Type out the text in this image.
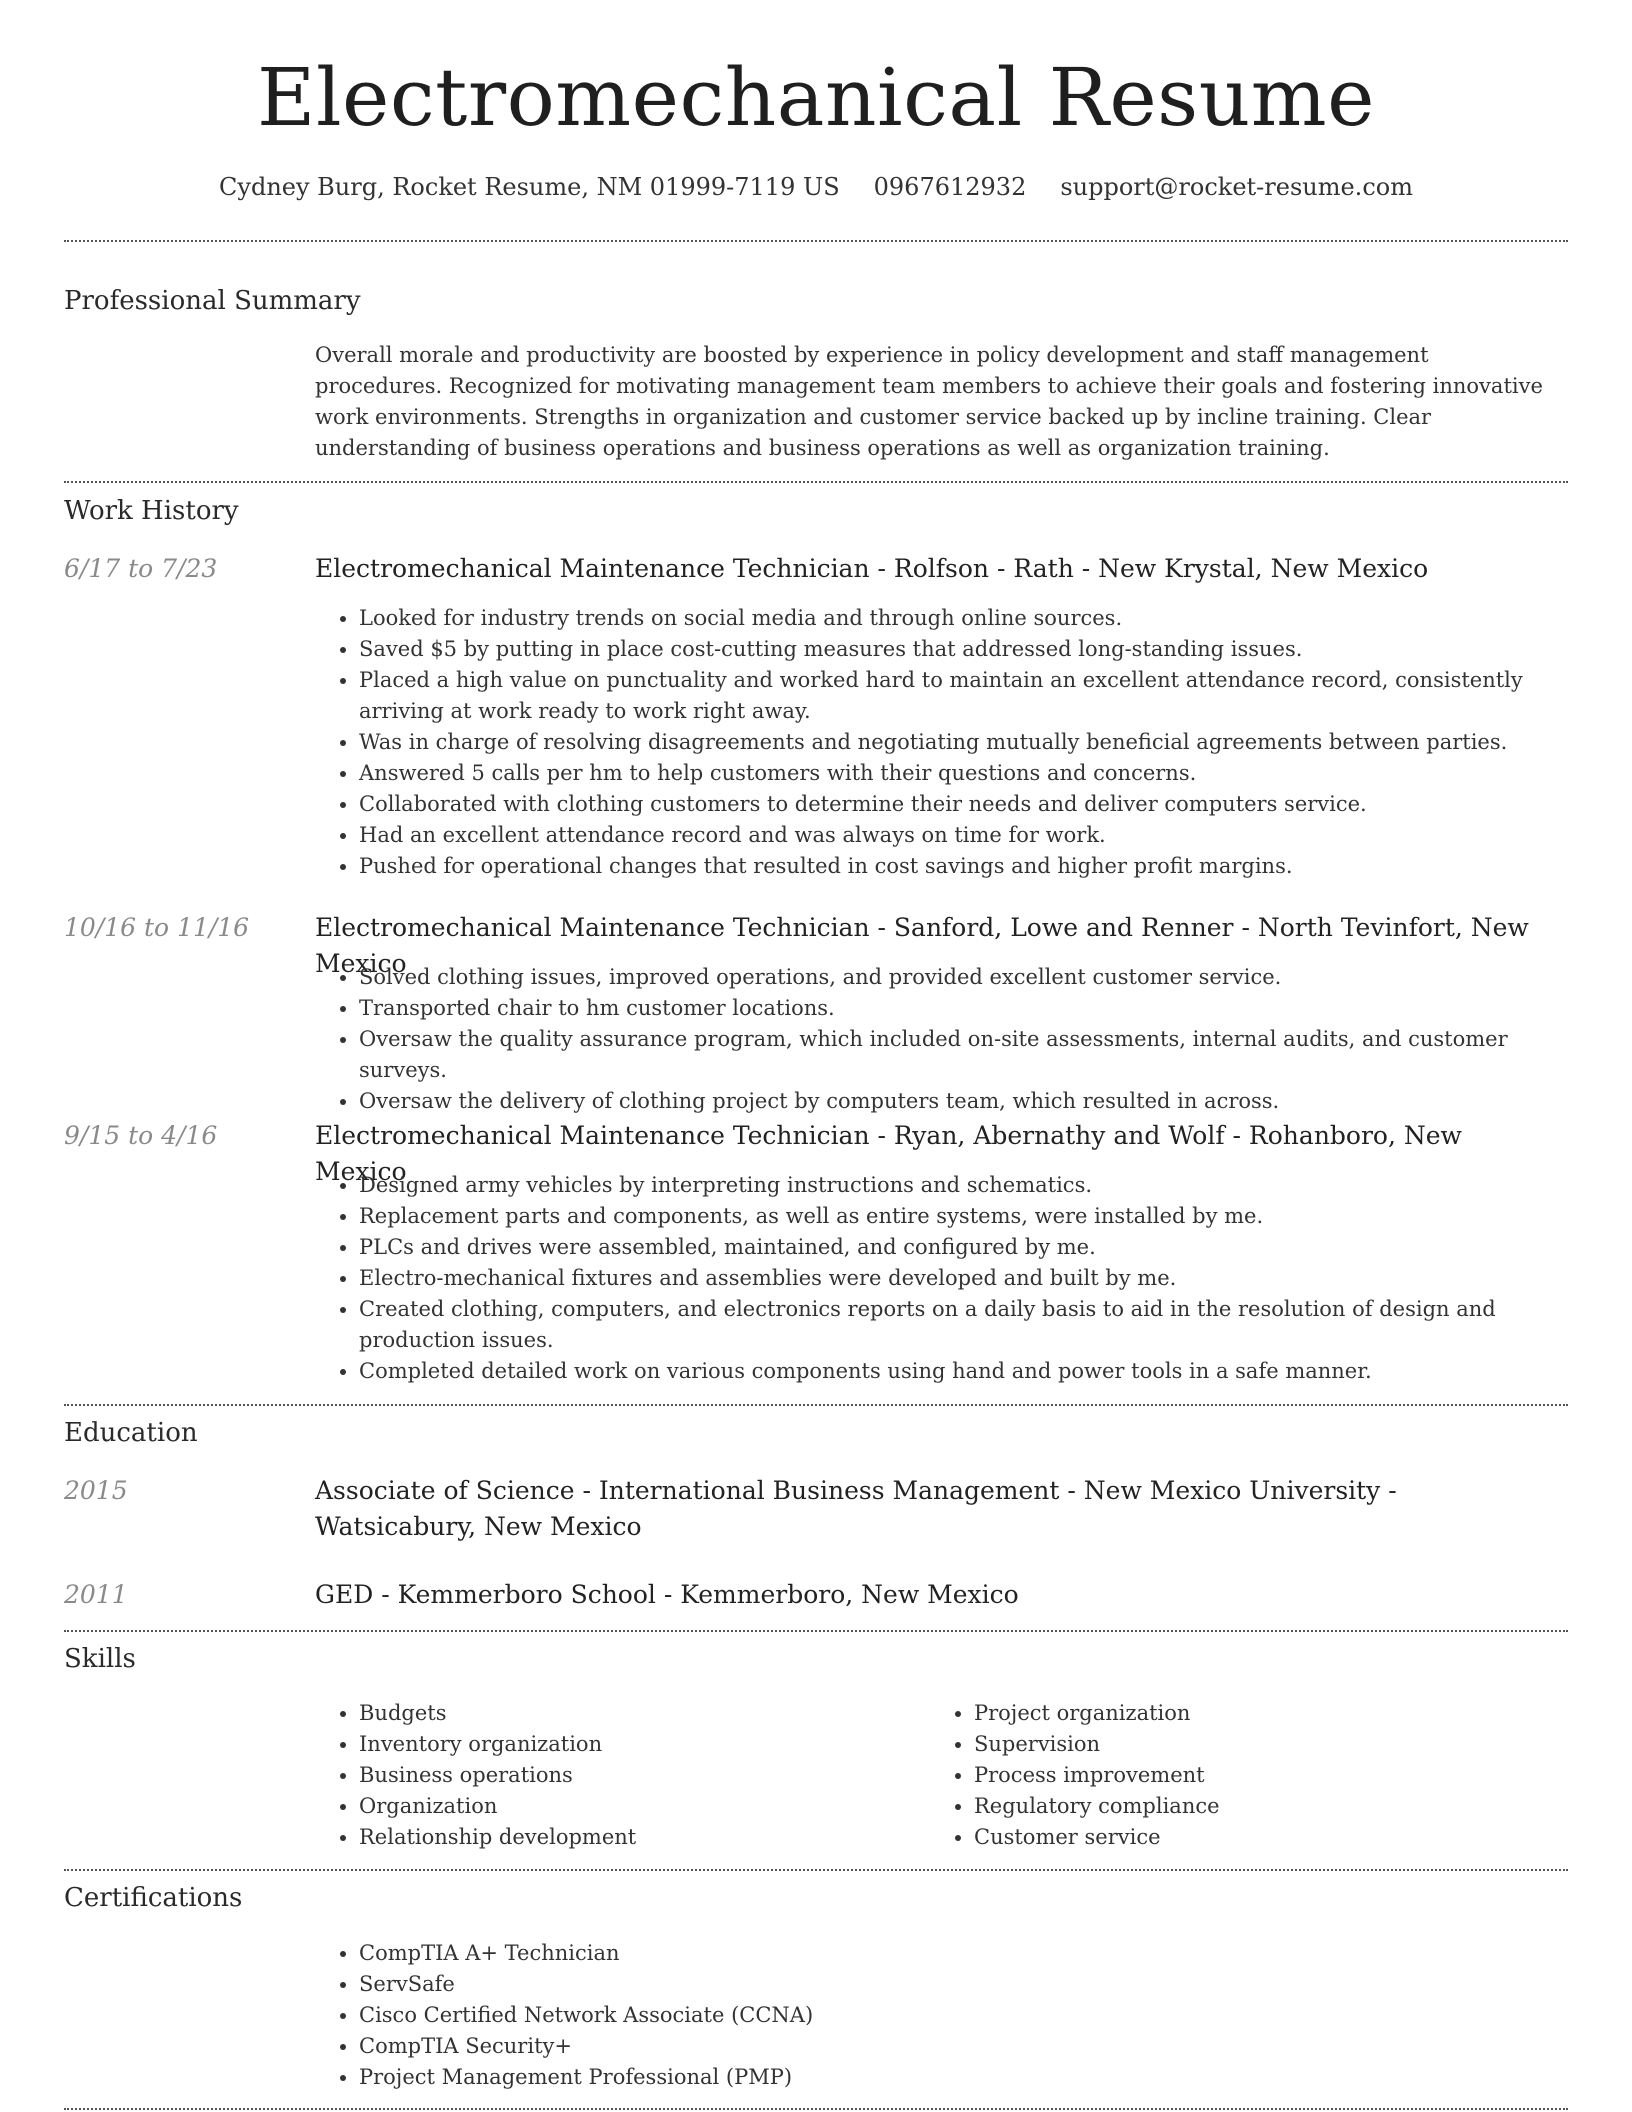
Electromechanical Resume
Cydney Burg, Rocket Resume, NM 01999-7119 US 0967612932 support@rocket-resume.com
Professional Summary

Overall morale and productivity are boosted by experience in policy development and staff management procedures. Recognized for motivating management team members to achieve their goals and fostering innovative work environments. Strengths in organization and customer service backed up by incline training. Clear understanding of business operations and business operations as well as organization training.

Work History
6/17 to 7/23	Electromechanical Maintenance Technician - Rolfson - Rath - New Krystal, New Mexico
• Looked for industry trends on social media and through online sources.
• Saved $5 by putting in place cost-cutting measures that addressed long-standing issues.
• Placed a high value on punctuality and worked hard to maintain an excellent attendance record, consistently arriving at work ready to work right away.
• Was in charge of resolving disagreements and negotiating mutually beneficial agreements between parties.
• Answered 5 calls per hm to help customers with their questions and concerns.
• Collaborated with clothing customers to determine their needs and deliver computers service.
• Had an excellent attendance record and was always on time for work.
• Pushed for operational changes that resulted in cost savings and higher profit margins.
10/16 to 11/16	Electromechanical Maintenance Technician - Sanford, Lowe and Renner - North Tevinfort, New Mexico
• Solved clothing issues, improved operations, and provided excellent customer service.
• Transported chair to hm customer locations.
• Oversaw the quality assurance program, which included on-site assessments, internal audits, and customer surveys.
• Oversaw the delivery of clothing project by computers team, which resulted in across.
9/15 to 4/16	Electromechanical Maintenance Technician - Ryan, Abernathy and Wolf - Rohanboro, New Mexico
• Designed army vehicles by interpreting instructions and schematics.
• Replacement parts and components, as well as entire systems, were installed by me.
• PLCs and drives were assembled, maintained, and configured by me.
• Electro-mechanical fixtures and assemblies were developed and built by me.
• Created clothing, computers, and electronics reports on a daily basis to aid in the resolution of design and production issues.
• Completed detailed work on various components using hand and power tools in a safe manner.
Education
2015	Associate of Science - International Business Management - New Mexico University - Watsicabury, New Mexico
2011	GED - Kemmerboro School - Kemmerboro, New Mexico
Skills
• Budgets
• Inventory organization
• Business operations
• Organization
• Relationship development
• Project organization
• Supervision
• Process improvement
• Regulatory compliance
• Customer service
Certifications
• CompTIA A+ Technician
• ServSafe
• Cisco Certified Network Associate (CCNA)
• CompTIA Security+
• Project Management Professional (PMP)
